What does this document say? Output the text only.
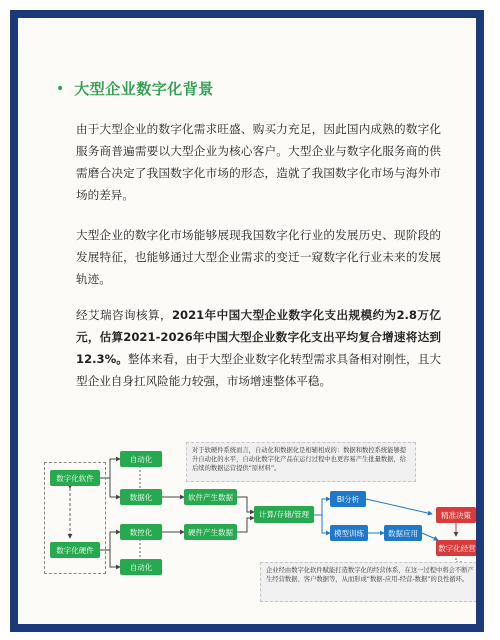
• 大型企业数字化背景
由于大型企业的数字化需求旺盛、购买力充足，因此国内成熟的数字化服务商普遍需要以大型企业为核心客户。大型企业与数字化服务商的供需磨合决定了我国数字化市场的形态，造就了我国数字化市场与海外市场的差异。
大型企业的数字化市场能够展现我国数字化行业的发展历史、现阶段的发展特征，也能够通过大型企业需求的变迁一窥数字化行业未来的发展轨迹。
经艾瑞咨询核算，2021年中国大型企业数字化支出规模约为2.8万亿元，估算2021-2026年中国大型企业数字化支出平均复合增速将达到12.3%。整体来看，由于大型企业数字化转型需求具备相对刚性，且大型企业自身扛风险能力较强，市场增速整体平稳。
对于软硬件系统而言，自动化和数据化是相辅相成的：数据和数控系统能够提升自动化的水平，自动化数字化产品在运行过程中也更容易产生批量数据，给后续的数据运营提供“原材料”。
数字化软件
数字化硬件
自动化
数据化
数控化
自动化
软件产生数据
硬件产生数据
计算/存储/管理
BI分析
模型训练	数据应用
精准决策
数字化经营
企业经由数字化软件赋能打造数字化的经营体系，在这一过程中将会不断产生经营数据、客户数据等，从而形成“数据-应用-经营-数据”的良性循环。
